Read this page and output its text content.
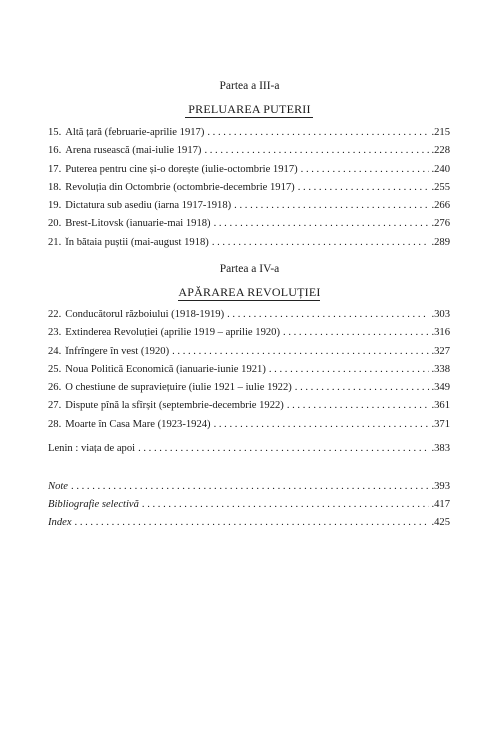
Partea a III-a
PRELUAREA PUTERII
15. Altă țară (februarie-aprilie 1917) . . .	.215
16. Arena rusească (mai-iulie 1917) . . .	.228
17. Puterea pentru cine și-o dorește (iulie-octombrie 1917) . . .	.240
18. Revoluția din Octombrie (octombrie-decembrie 1917) . . .	.255
19. Dictatura sub asediu (iarna 1917-1918) . . .	.266
20. Brest-Litovsk (ianuarie-mai 1918) . . .	.276
21. În bătaia puștii (mai-august 1918) . . .	.289
Partea a IV-a
APĂRAREA REVOLUȚIEI
22. Conducătorul războiului (1918-1919) . . .	.303
23. Extinderea Revoluției (aprilie 1919 – aprilie 1920) . . .	.316
24. Înfrîngere în vest (1920) . . .	.327
25. Noua Politică Economică (ianuarie-iunie 1921) . . .	.338
26. O chestiune de supraviețuire (iulie 1921 – iulie 1922) . . .	.349
27. Dispute pînă la sfîrșit (septembrie-decembrie 1922) . . .	.361
28. Moarte în Casa Mare (1923-1924) . . .	.371
Lenin : viața de apoi . . .	.383
Note . . .	.393
Bibliografie selectivă . . .	.417
Index . . .	.425
